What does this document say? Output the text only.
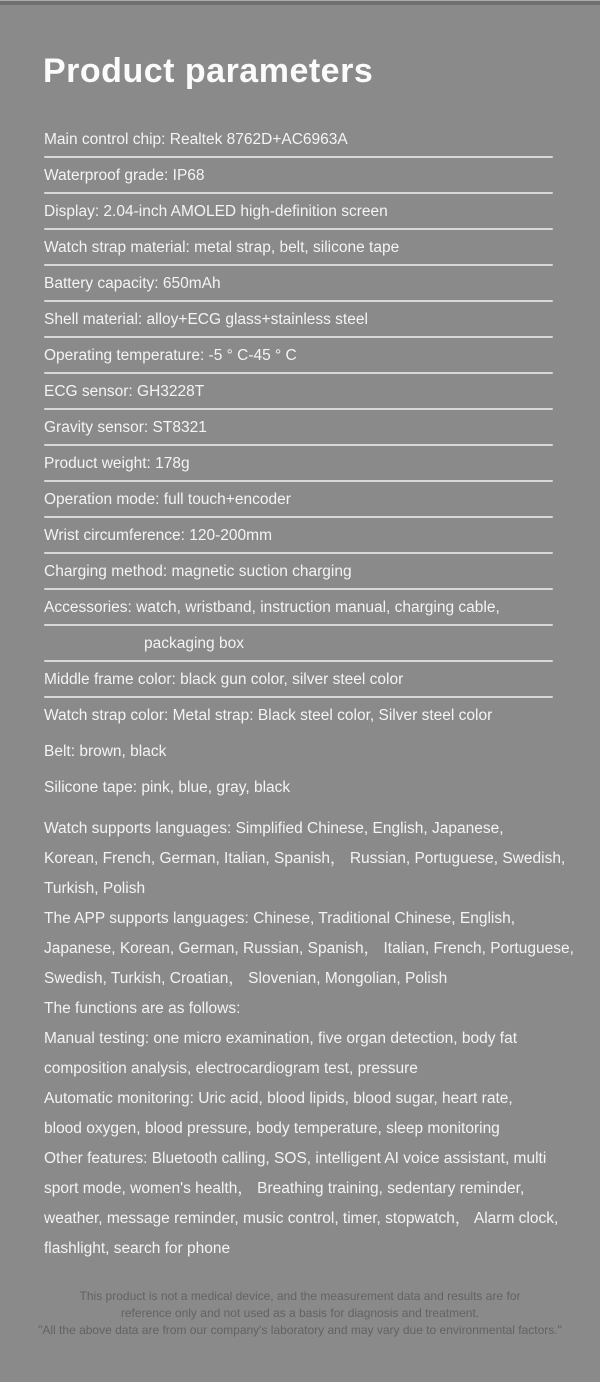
Product parameters
Main control chip: Realtek 8762D+AC6963A
Waterproof grade: IP68
Display: 2.04-inch AMOLED high-definition screen
Watch strap material: metal strap, belt, silicone tape
Battery capacity: 650mAh
Shell material: alloy+ECG glass+stainless steel
Operating temperature: -5 ° C-45 ° C
ECG sensor: GH3228T
Gravity sensor: ST8321
Product weight: 178g
Operation mode: full touch+encoder
Wrist circumference: 120-200mm
Charging method: magnetic suction charging
Accessories: watch, wristband, instruction manual, charging cable,
packaging box
Middle frame color: black gun color, silver steel color
Watch strap color: Metal strap: Black steel color, Silver steel color
Belt: brown, black
Silicone tape: pink, blue, gray, black
Watch supports languages: Simplified Chinese, English, Japanese,
Korean, French, German, Italian, Spanish， Russian, Portuguese, Swedish,
Turkish, Polish
The APP supports languages: Chinese, Traditional Chinese, English,
Japanese, Korean, German, Russian, Spanish， Italian, French, Portuguese,
Swedish, Turkish, Croatian， Slovenian, Mongolian, Polish
The functions are as follows:
Manual testing: one micro examination, five organ detection, body fat
composition analysis, electrocardiogram test, pressure
Automatic monitoring: Uric acid, blood lipids, blood sugar, heart rate,
blood oxygen, blood pressure, body temperature, sleep monitoring
Other features: Bluetooth calling, SOS, intelligent AI voice assistant, multi
sport mode, women's health， Breathing training, sedentary reminder,
weather, message reminder, music control, timer, stopwatch， Alarm clock,
flashlight, search for phone
This product is not a medical device, and the measurement data and results are for
reference only and not used as a basis for diagnosis and treatment.
"All the above data are from our company's laboratory and may vary due to environmental factors."
